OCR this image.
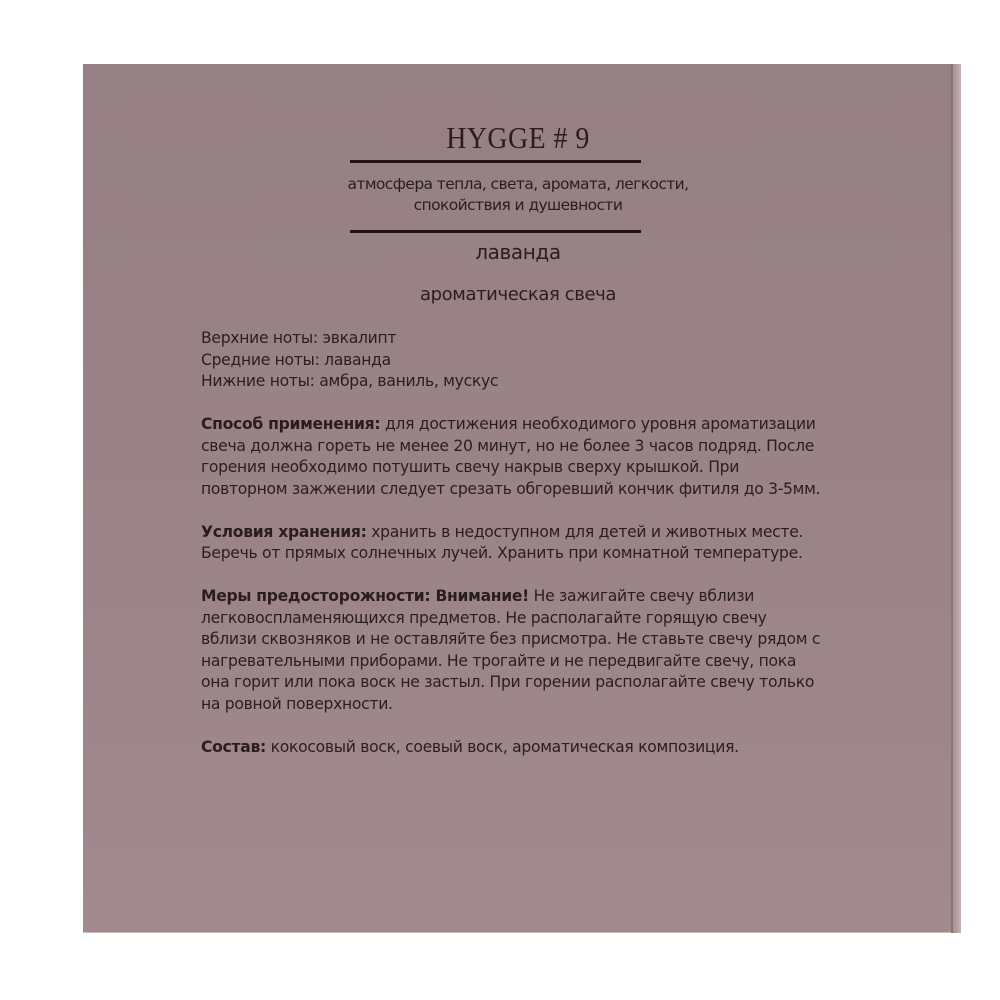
HYGGE # 9
атмосфера тепла, света, аромата, легкости,
спокойствия и душевности
лаванда
ароматическая свеча
Верхние ноты: эвкалипт
Средние ноты: лаванда
Нижние ноты: амбра, ваниль, мускус
Способ применения: для достижения необходимого уровня ароматизации свеча должна гореть не менее 20 минут, но не более 3 часов подряд. После горения необходимо потушить свечу накрыв сверху крышкой. При повторном зажжении следует срезать обгоревший кончик фитиля до 3-5мм.
Условия хранения: хранить в недоступном для детей и животных месте. Беречь от прямых солнечных лучей. Хранить при комнатной температуре.
Меры предосторожности: Внимание! Не зажигайте свечу вблизи легковоспламеняющихся предметов. Не располагайте горящую свечу вблизи сквозняков и не оставляйте без присмотра. Не ставьте свечу рядом с нагревательными приборами. Не трогайте и не передвигайте свечу, пока она горит или пока воск не застыл. При горении располагайте свечу только на ровной поверхности.
Состав: кокосовый воск, соевый воск, ароматическая композиция.
